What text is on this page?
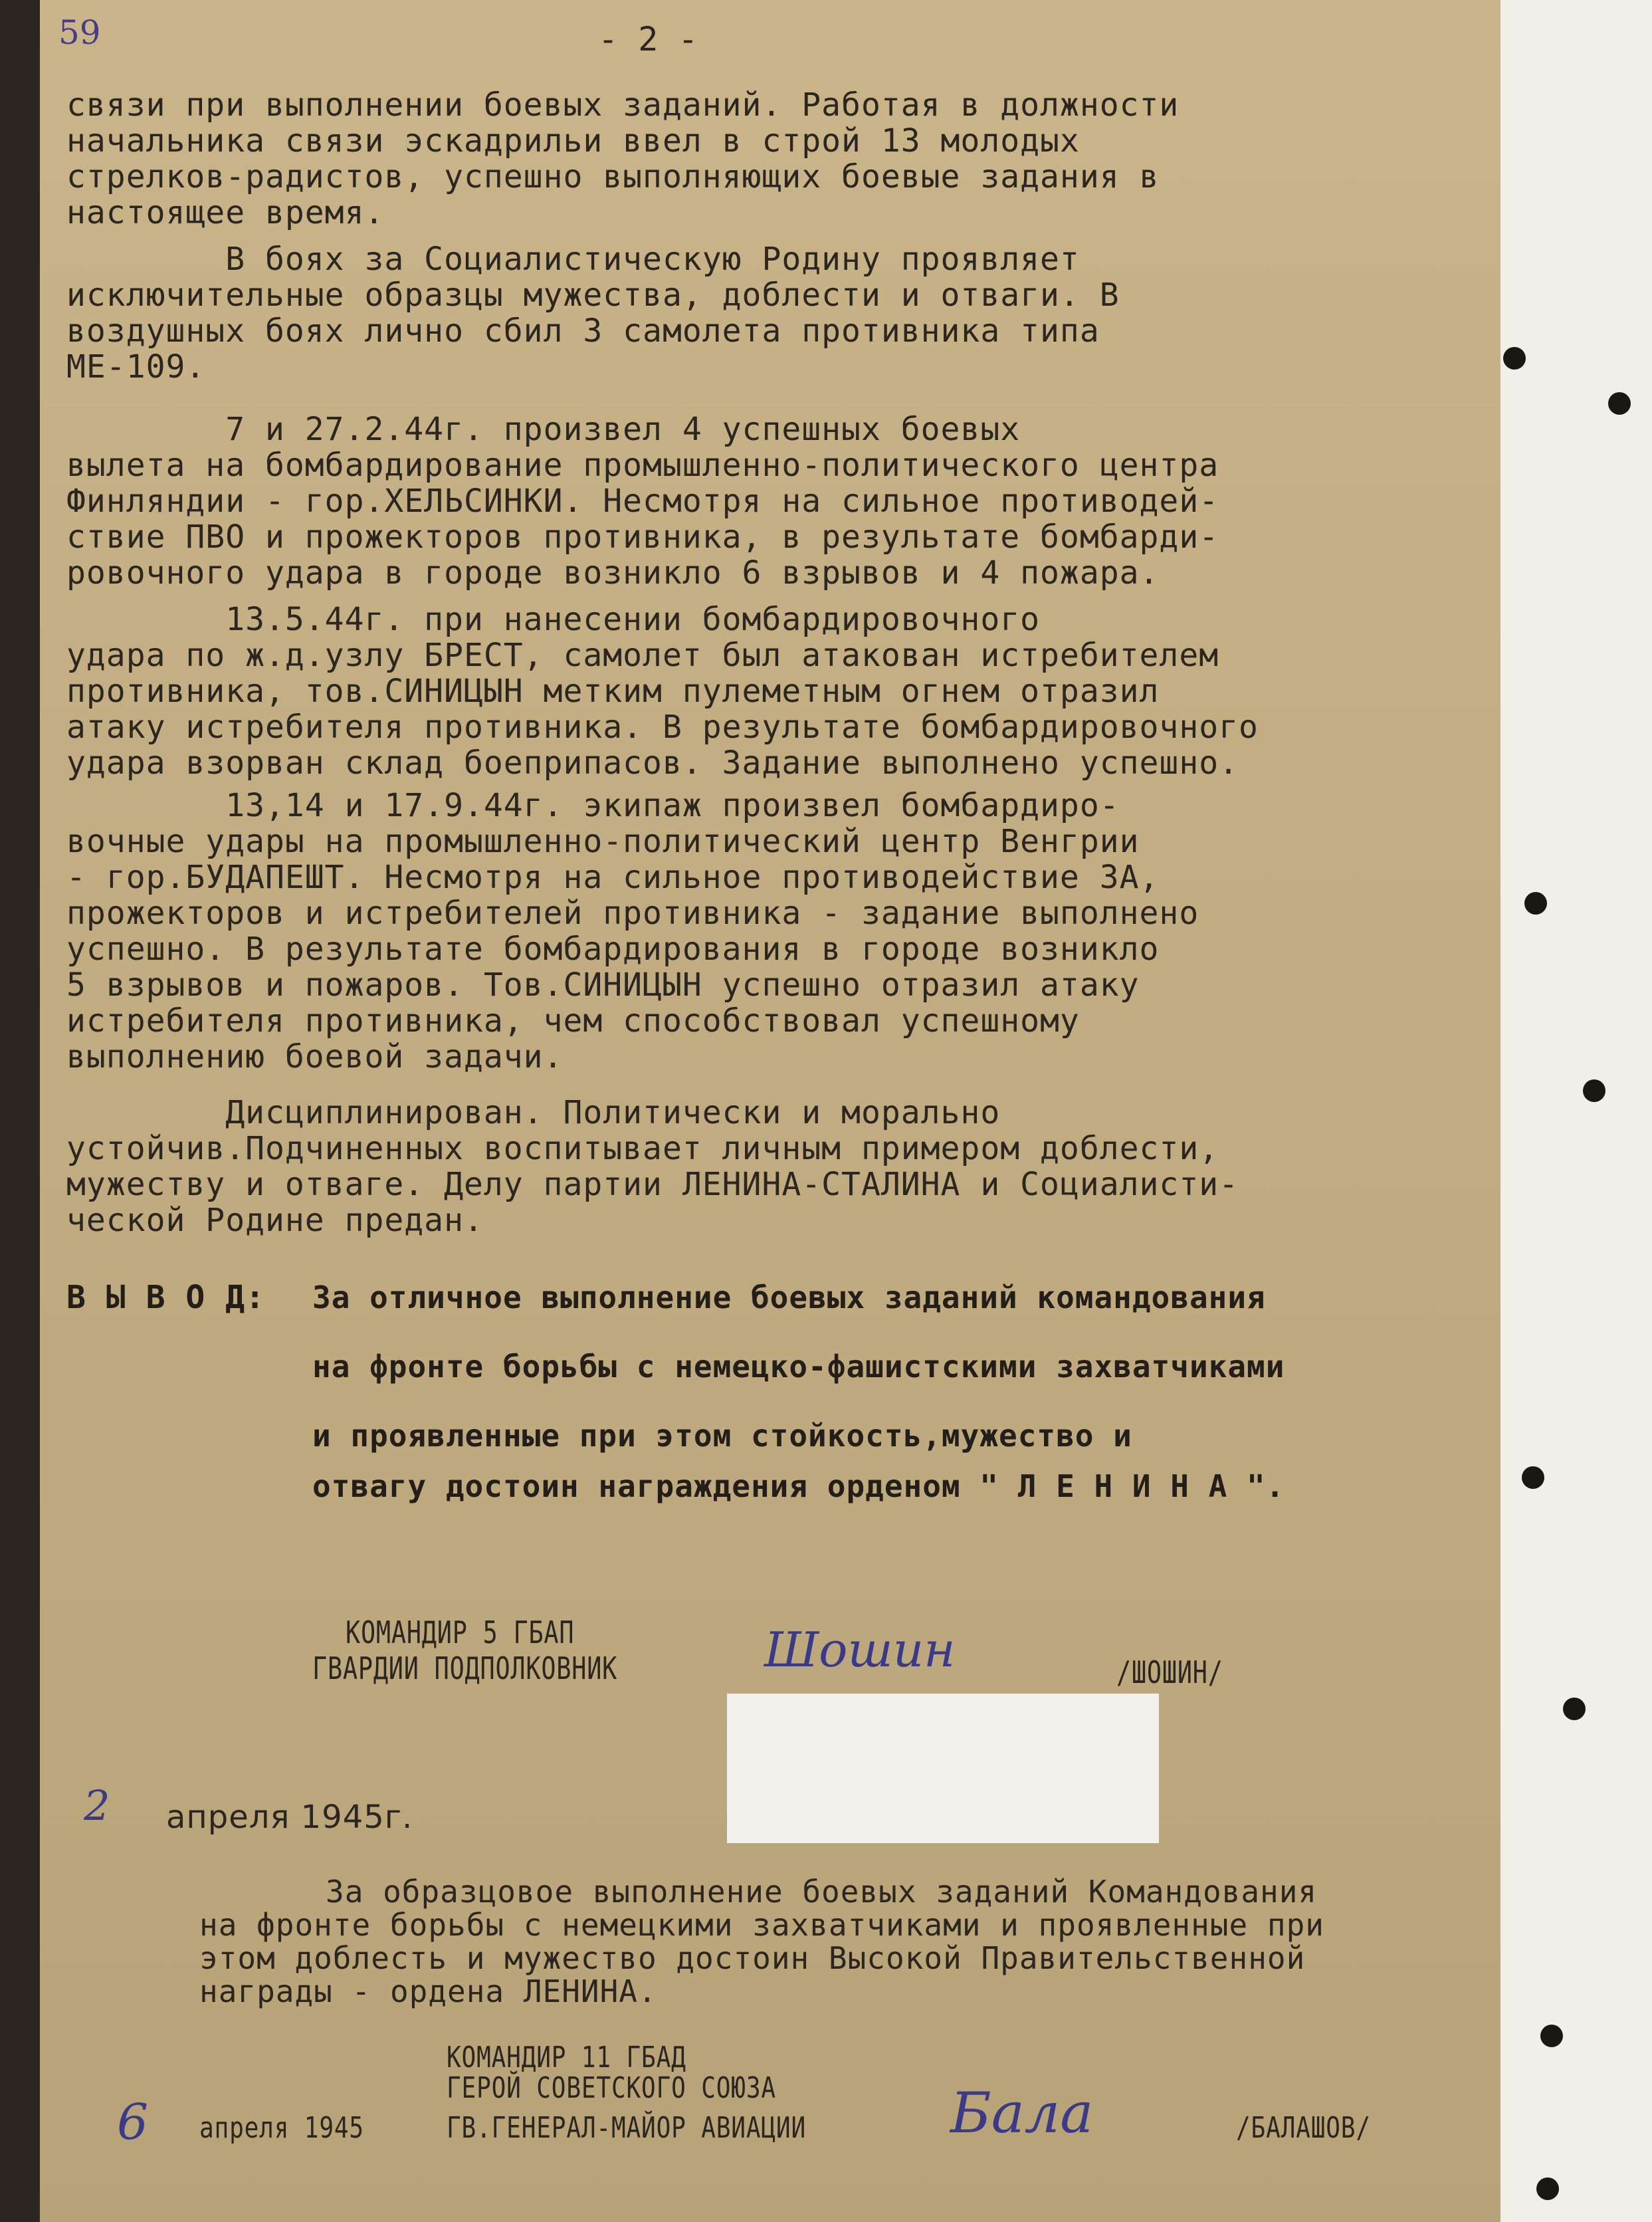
59	- 2 -
связи при выполнении боевых заданий. Работая в должности
начальника связи эскадрильи ввел в строй 13 молодых
стрелков-радистов, успешно выполняющих боевые задания в
настоящее время.
В боях за Социалистическую Родину проявляет
исключительные образцы мужества, доблести и отваги. В
воздушных боях лично сбил 3 самолета противника типа
МЕ-109.
7 и 27.2.44г. произвел 4 успешных боевых
вылета на бомбардирование промышленно-политического центра
Финляндии - гор.ХЕЛЬСИНКИ. Несмотря на сильное противодей-
ствие ПВО и прожекторов противника, в результате бомбарди-
ровочного удара в городе возникло 6 взрывов и 4 пожара.
13.5.44г. при нанесении бомбардировочного
удара по ж.д.узлу БРЕСТ, самолет был атакован истребителем
противника, тов.СИНИЦЫН метким пулеметным огнем отразил
атаку истребителя противника. В результате бомбардировочного
удара взорван склад боеприпасов. Задание выполнено успешно.
13,14 и 17.9.44г. экипаж произвел бомбардиро-
вочные удары на промышленно-политический центр Венгрии
- гор.БУДАПЕШТ. Несмотря на сильное противодействие ЗА,
прожекторов и истребителей противника - задание выполнено
успешно. В результате бомбардирования в городе возникло
5 взрывов и пожаров. Тов.СИНИЦЫН успешно отразил атаку
истребителя противника, чем способствовал успешному
выполнению боевой задачи.
Дисциплинирован. Политически и морально
устойчив.Подчиненных воспитывает личным примером доблести,
мужеству и отваге. Делу партии ЛЕНИНА-СТАЛИНА и Социалисти-
ческой Родине предан.
В Ы В О Д: За отличное выполнение боевых заданий командования
на фронте борьбы с немецко-фашистскими захватчиками
и проявленные при этом стойкость,мужество и
отвагу достоин награждения орденом " Л Е Н И Н А ".
КОМАНДИР 5 ГБАП
ГВАРДИИ ПОДПОЛКОВНИК	Шошин	/ШОШИН/
2 апреля 1945г.
За образцовое выполнение боевых заданий Командования
на фронте борьбы с немецкими захватчиками и проявленные при
этом доблесть и мужество достоин Высокой Правительственной
награды - ордена ЛЕНИНА.
КОМАНДИР 11 ГБАД
ГЕРОЙ СОВЕТСКОГО СОЮЗА
ГВ.ГЕНЕРАЛ-МАЙОР АВИАЦИИ	Бала	/БАЛАШОВ/
6 апреля 1945
